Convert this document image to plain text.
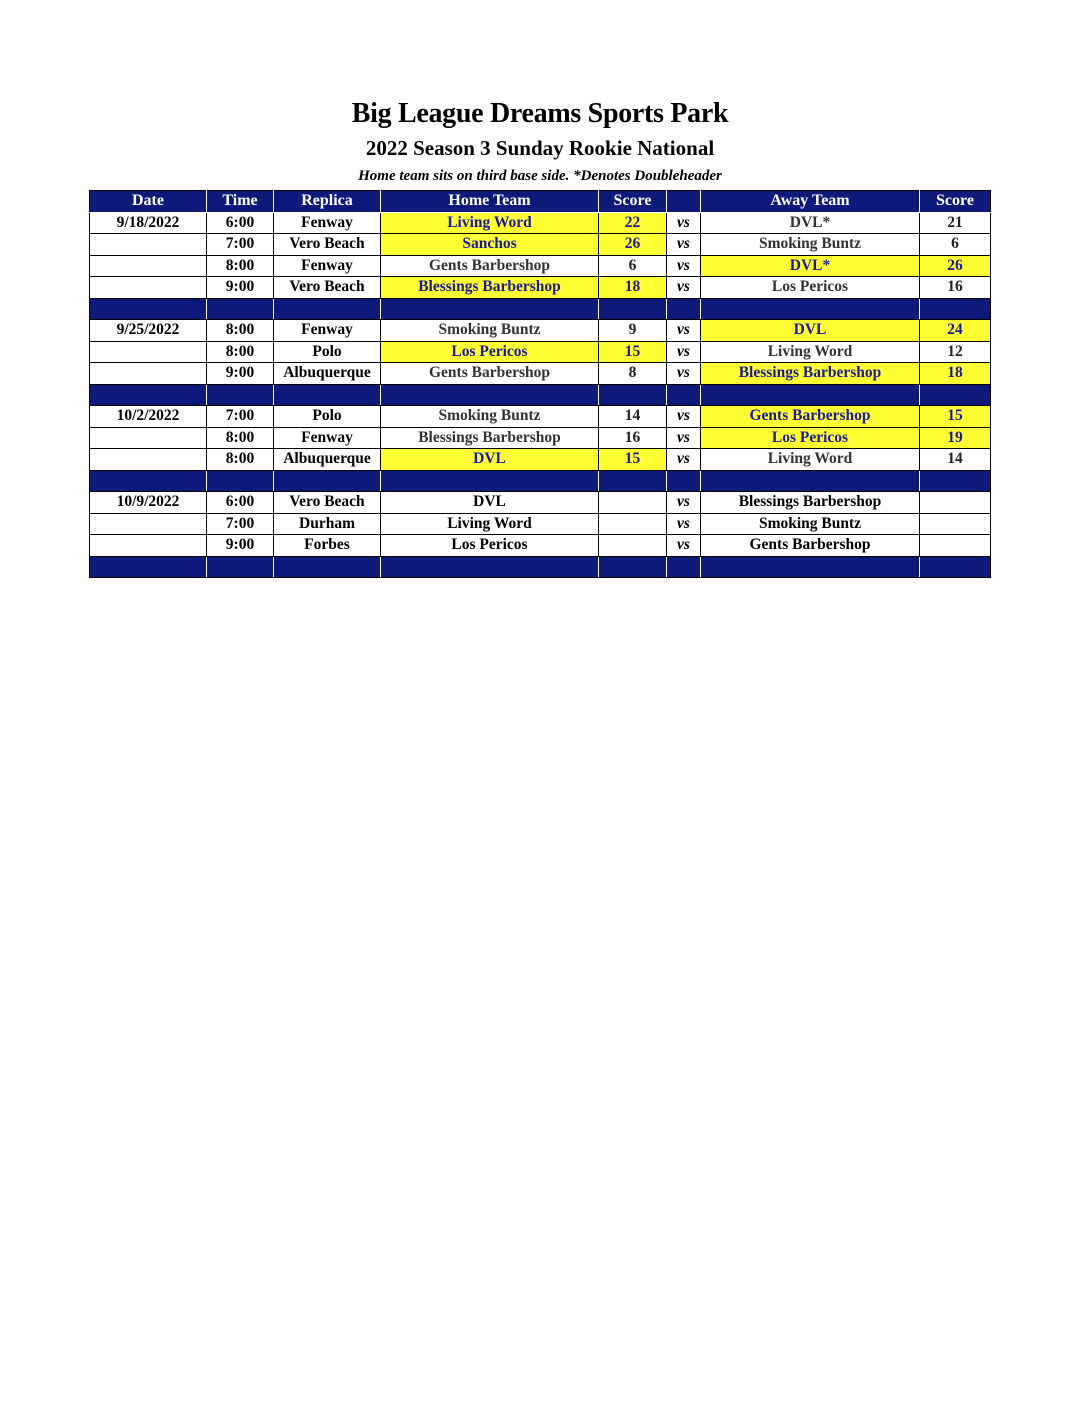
Big League Dreams Sports Park
2022 Season 3 Sunday Rookie National

Home team sits on third base side. *Denotes Doubleheader

Date	Time	Replica	Home Team	Score		Away Team	Score
9/18/2022	6:00	Fenway	Living Word	22	vs	DVL*	21
	7:00	Vero Beach	Sanchos	26	vs	Smoking Buntz	6
	8:00	Fenway	Gents Barbershop	6	vs	DVL*	26
	9:00	Vero Beach	Blessings Barbershop	18	vs	Los Pericos	16

9/25/2022	8:00	Fenway	Smoking Buntz	9	vs	DVL	24
	8:00	Polo	Los Pericos	15	vs	Living Word	12
	9:00	Albuquerque	Gents Barbershop	8	vs	Blessings Barbershop	18

10/2/2022	7:00	Polo	Smoking Buntz	14	vs	Gents Barbershop	15
	8:00	Fenway	Blessings Barbershop	16	vs	Los Pericos	19
	8:00	Albuquerque	DVL	15	vs	Living Word	14

10/9/2022	6:00	Vero Beach	DVL		vs	Blessings Barbershop	
	7:00	Durham	Living Word		vs	Smoking Buntz	
	9:00	Forbes	Los Pericos		vs	Gents Barbershop	
